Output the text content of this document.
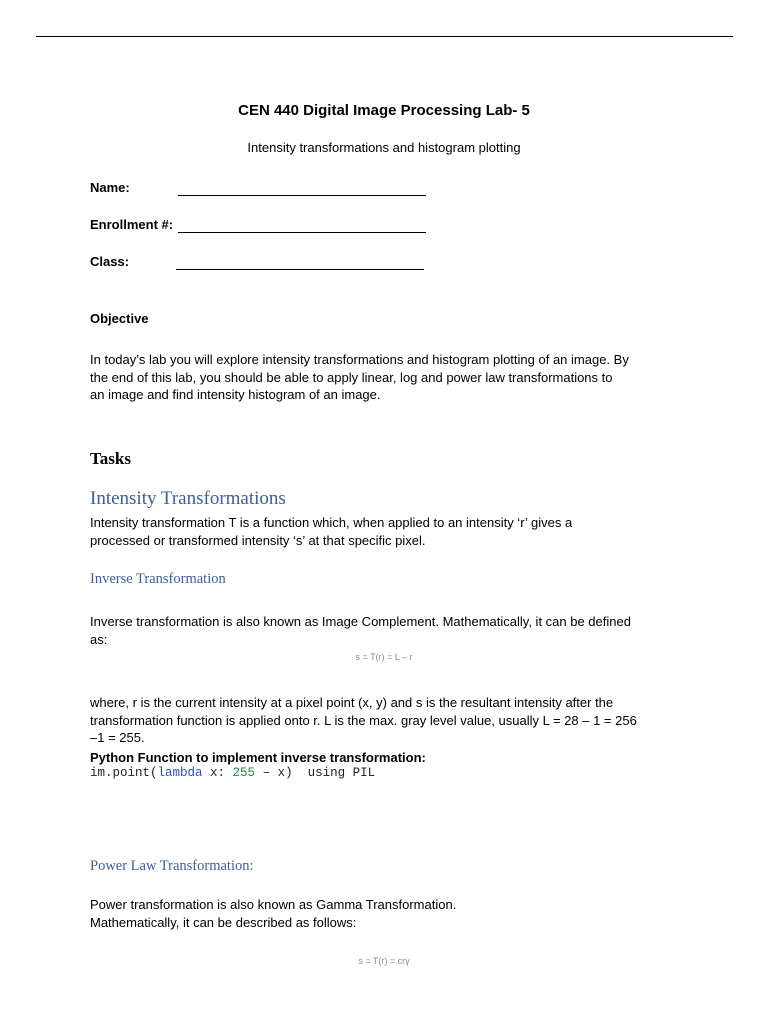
CEN 440 Digital Image Processing Lab- 5
Intensity transformations and histogram plotting
Name:
Enrollment #:
Class:
Objective
In today’s lab you will explore intensity transformations and histogram plotting of an image. By
the end of this lab, you should be able to apply linear, log and power law transformations to
an image and find intensity histogram of an image.
Tasks
Intensity Transformations
Intensity transformation T is a function which, when applied to an intensity ‘r’ gives a
processed or transformed intensity ‘s’ at that specific pixel.
Inverse Transformation
Inverse transformation is also known as Image Complement. Mathematically, it can be defined
as:
s = T(r) = L – r
where, r is the current intensity at a pixel point (x, y) and s is the resultant intensity after the
transformation function is applied onto r. L is the max. gray level value, usually L = 28 – 1 = 256
–1 = 255.
Python Function to implement inverse transformation:
im.point(lambda x: 255 – x)  using PIL
Power Law Transformation:
Power transformation is also known as Gamma Transformation.
Mathematically, it can be described as follows:
s = T(r) = crγ
